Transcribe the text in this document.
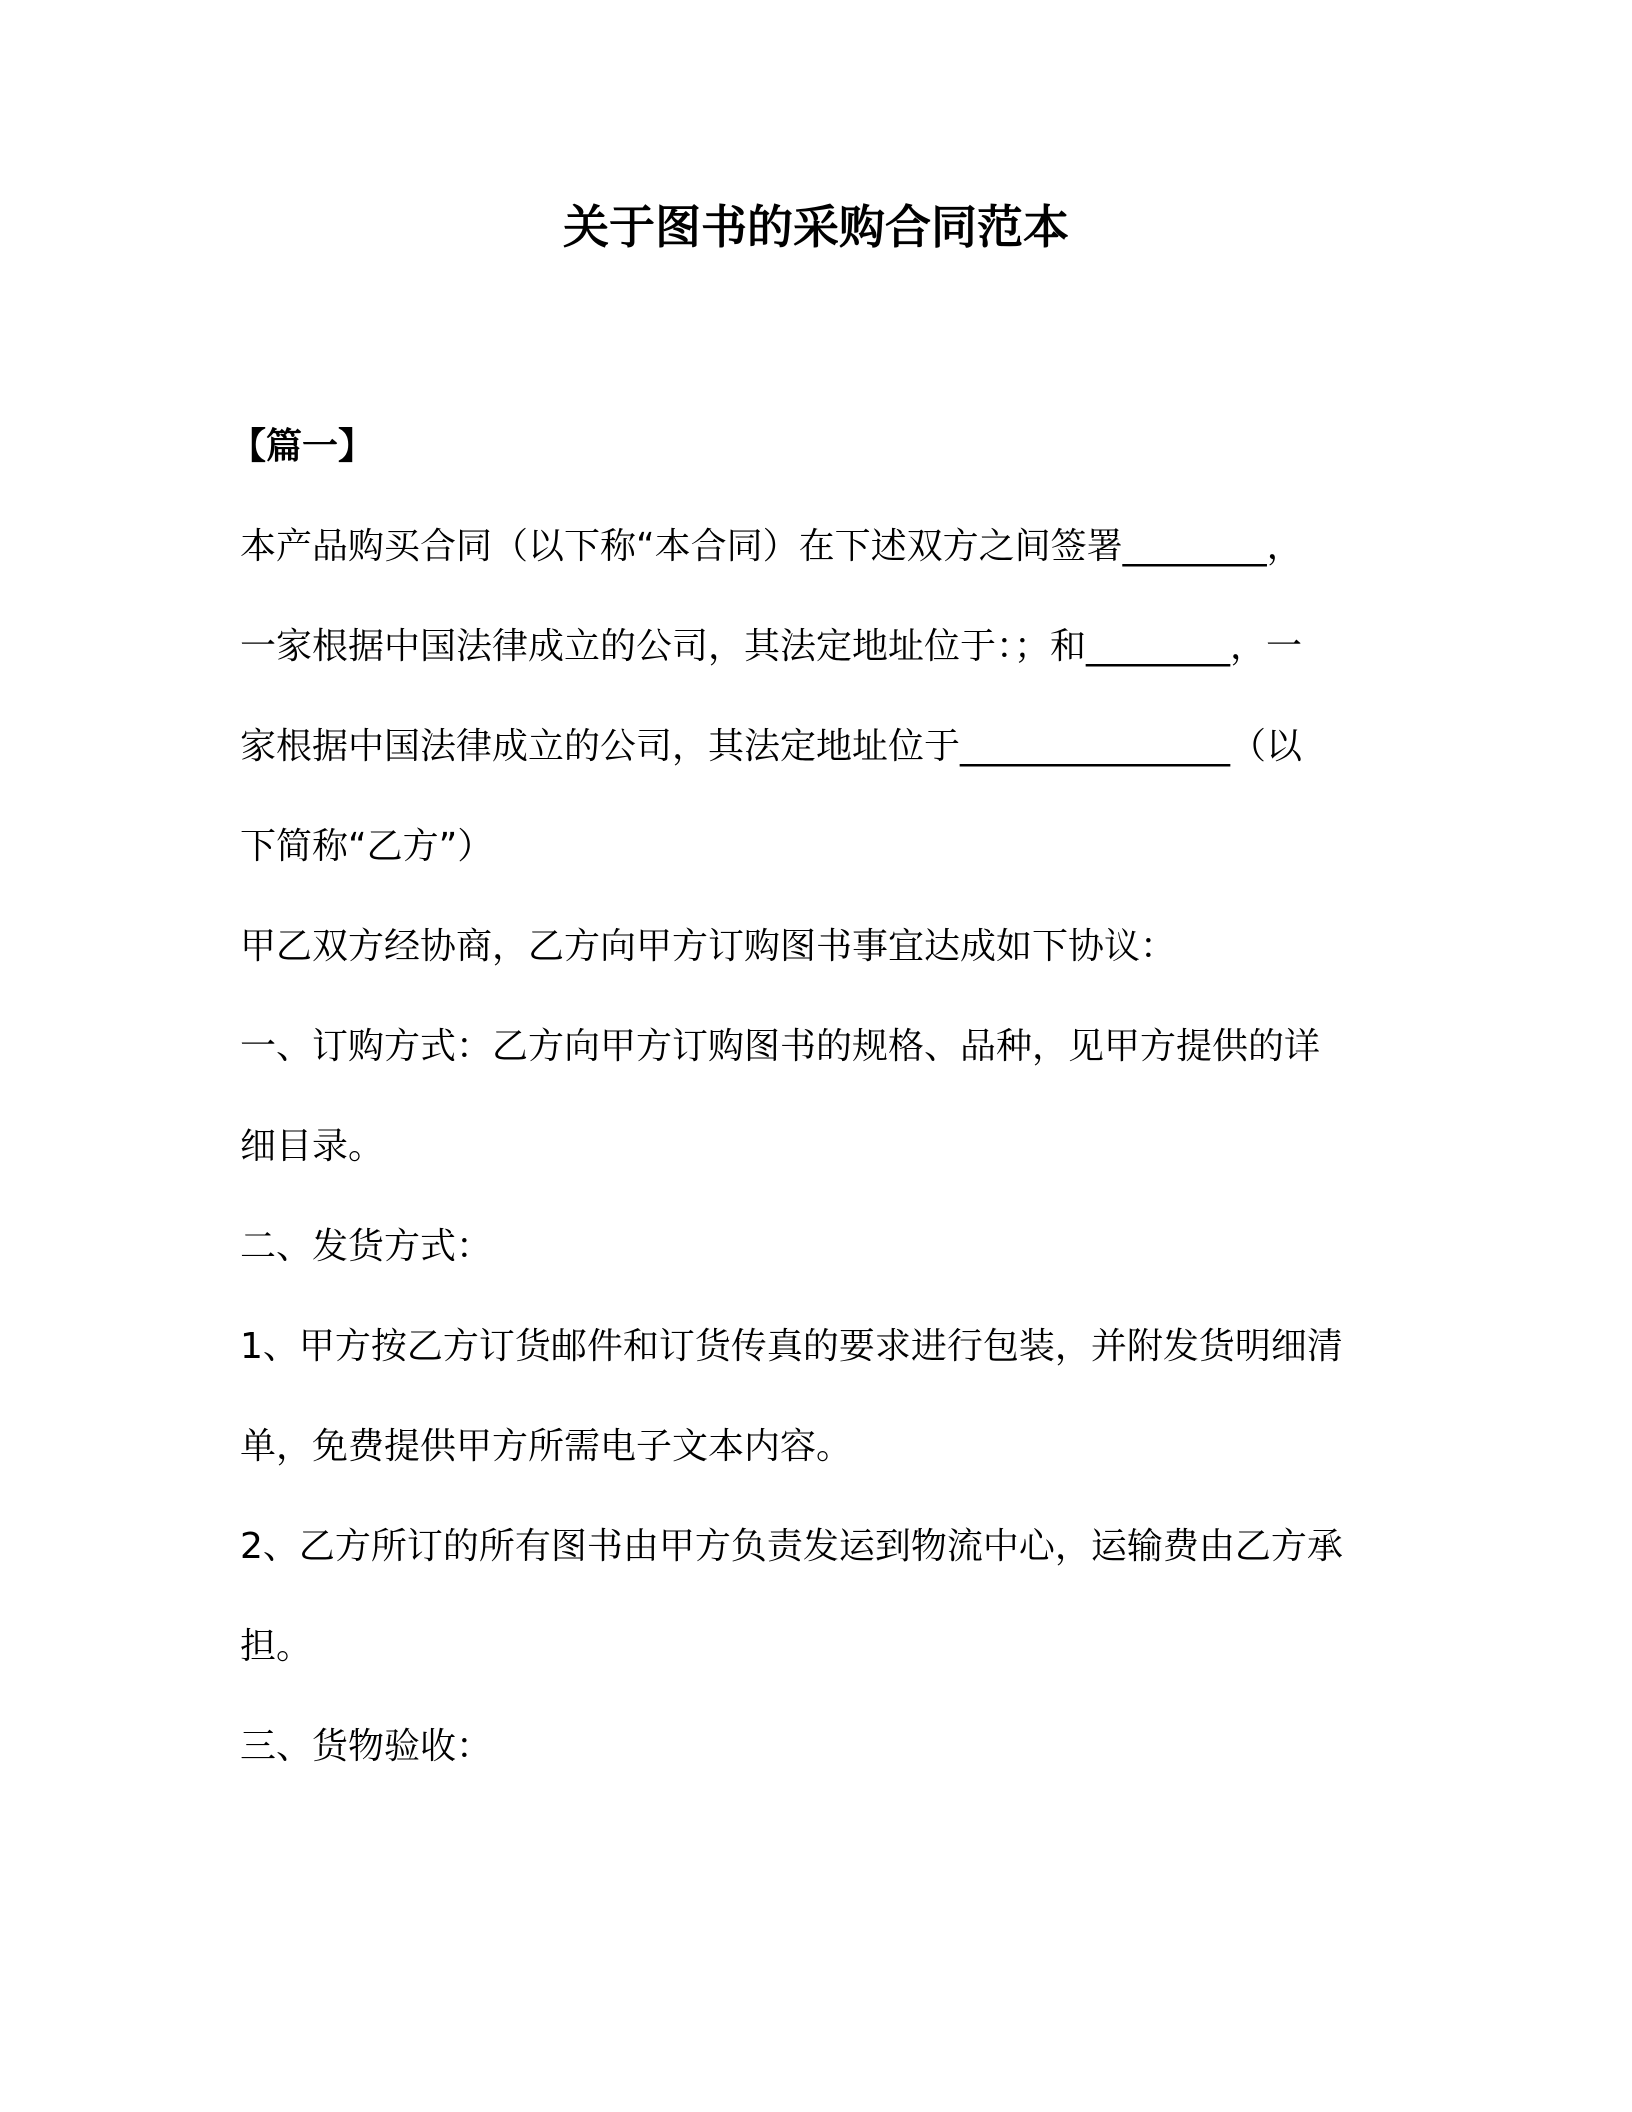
关于图书的采购合同范本

【篇一】

本产品购买合同（以下称“本合同）在下述双方之间签署________，

一家根据中国法律成立的公司，其法定地址位于：；和________，一

家根据中国法律成立的公司，其法定地址位于_______________（以

下简称“乙方”）

甲乙双方经协商，乙方向甲方订购图书事宜达成如下协议：

一、订购方式：乙方向甲方订购图书的规格、品种，见甲方提供的详

细目录。

二、发货方式：

1、甲方按乙方订货邮件和订货传真的要求进行包装，并附发货明细清

单，免费提供甲方所需电子文本内容。

2、乙方所订的所有图书由甲方负责发运到物流中心，运输费由乙方承

担。

三、货物验收：
